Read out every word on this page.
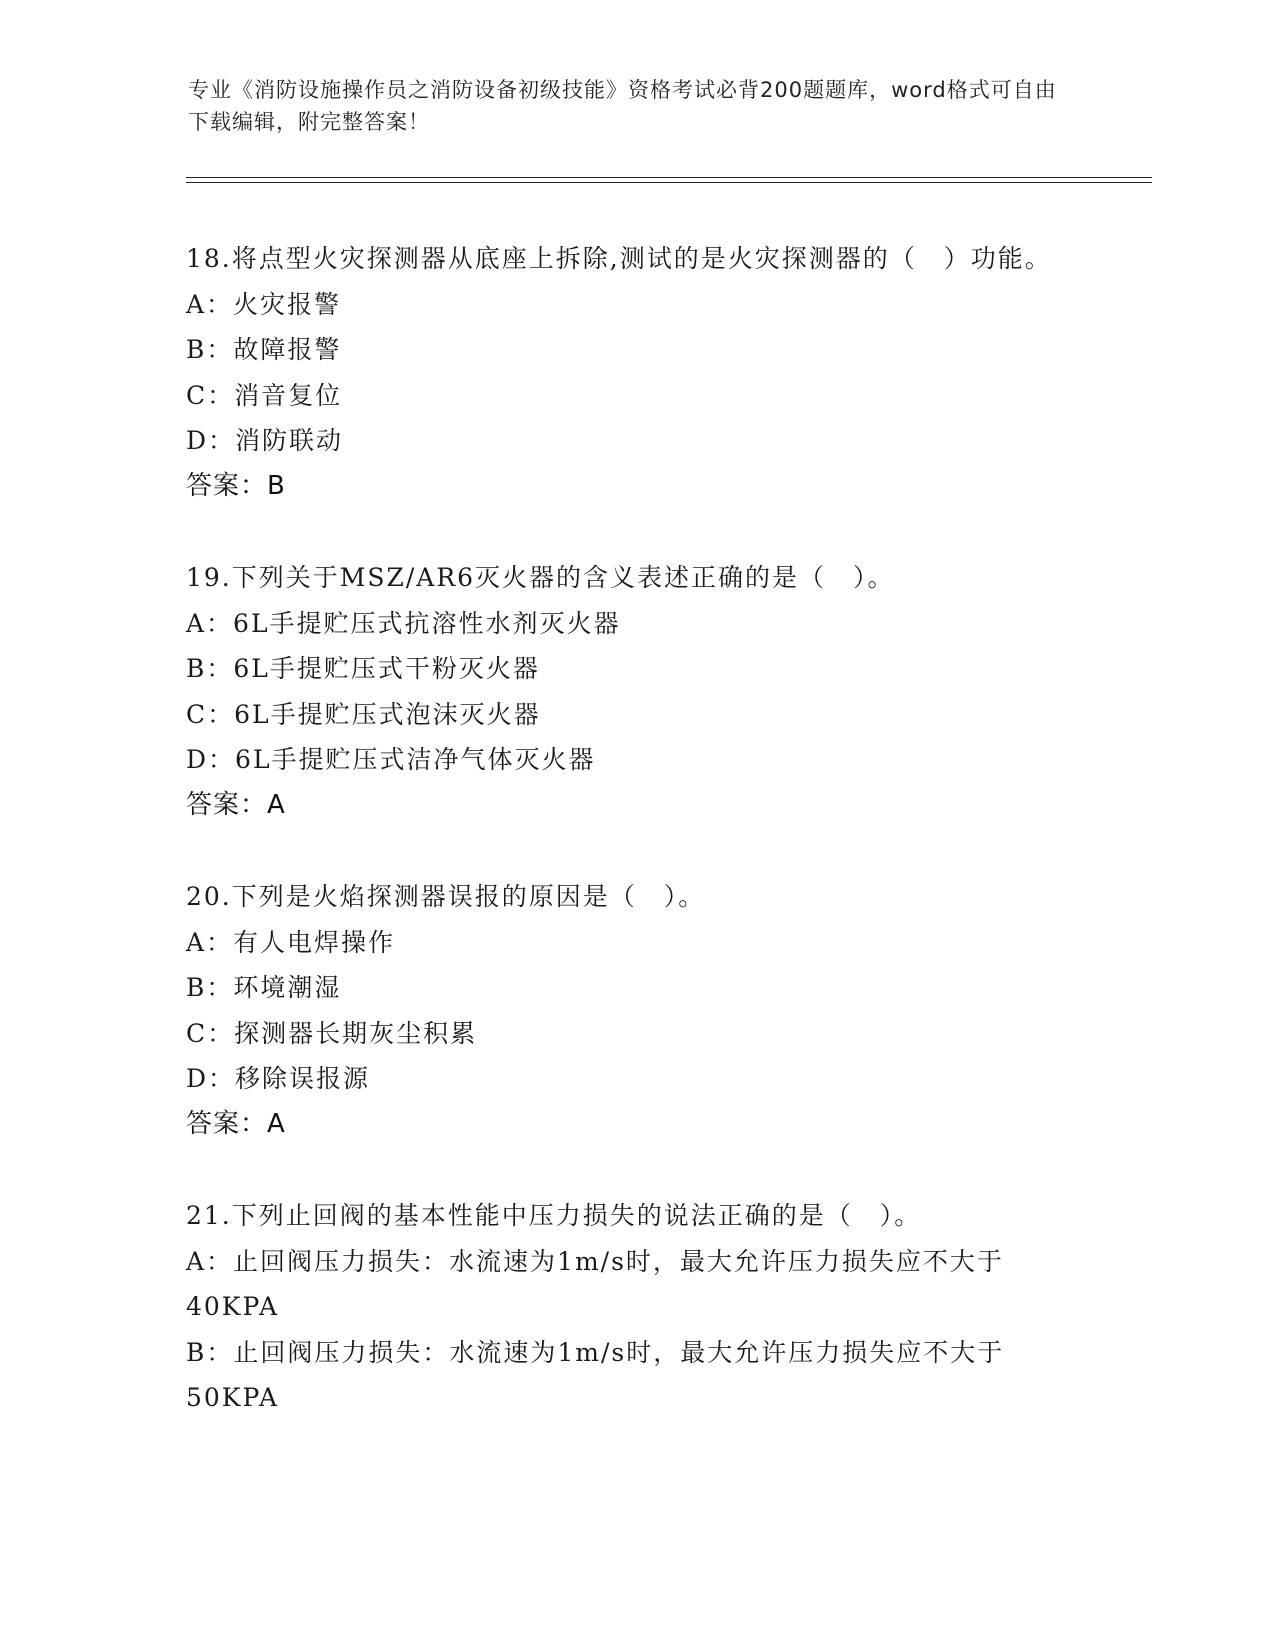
专业《消防设施操作员之消防设备初级技能》资格考试必背200题题库，word格式可自由下载编辑，附完整答案！
18.将点型火灾探测器从底座上拆除,测试的是火灾探测器的（　）功能。
A：火灾报警
B：故障报警
C：消音复位
D：消防联动
答案：B
19.下列关于MSZ/AR6灭火器的含义表述正确的是（　）。
A：6L手提贮压式抗溶性水剂灭火器
B：6L手提贮压式干粉灭火器
C：6L手提贮压式泡沫灭火器
D：6L手提贮压式洁净气体灭火器
答案：A
20.下列是火焰探测器误报的原因是（　）。
A：有人电焊操作
B：环境潮湿
C：探测器长期灰尘积累
D：移除误报源
答案：A
21.下列止回阀的基本性能中压力损失的说法正确的是（　）。
A：止回阀压力损失：水流速为1m/s时，最大允许压力损失应不大于40KPA
B：止回阀压力损失：水流速为1m/s时，最大允许压力损失应不大于50KPA
